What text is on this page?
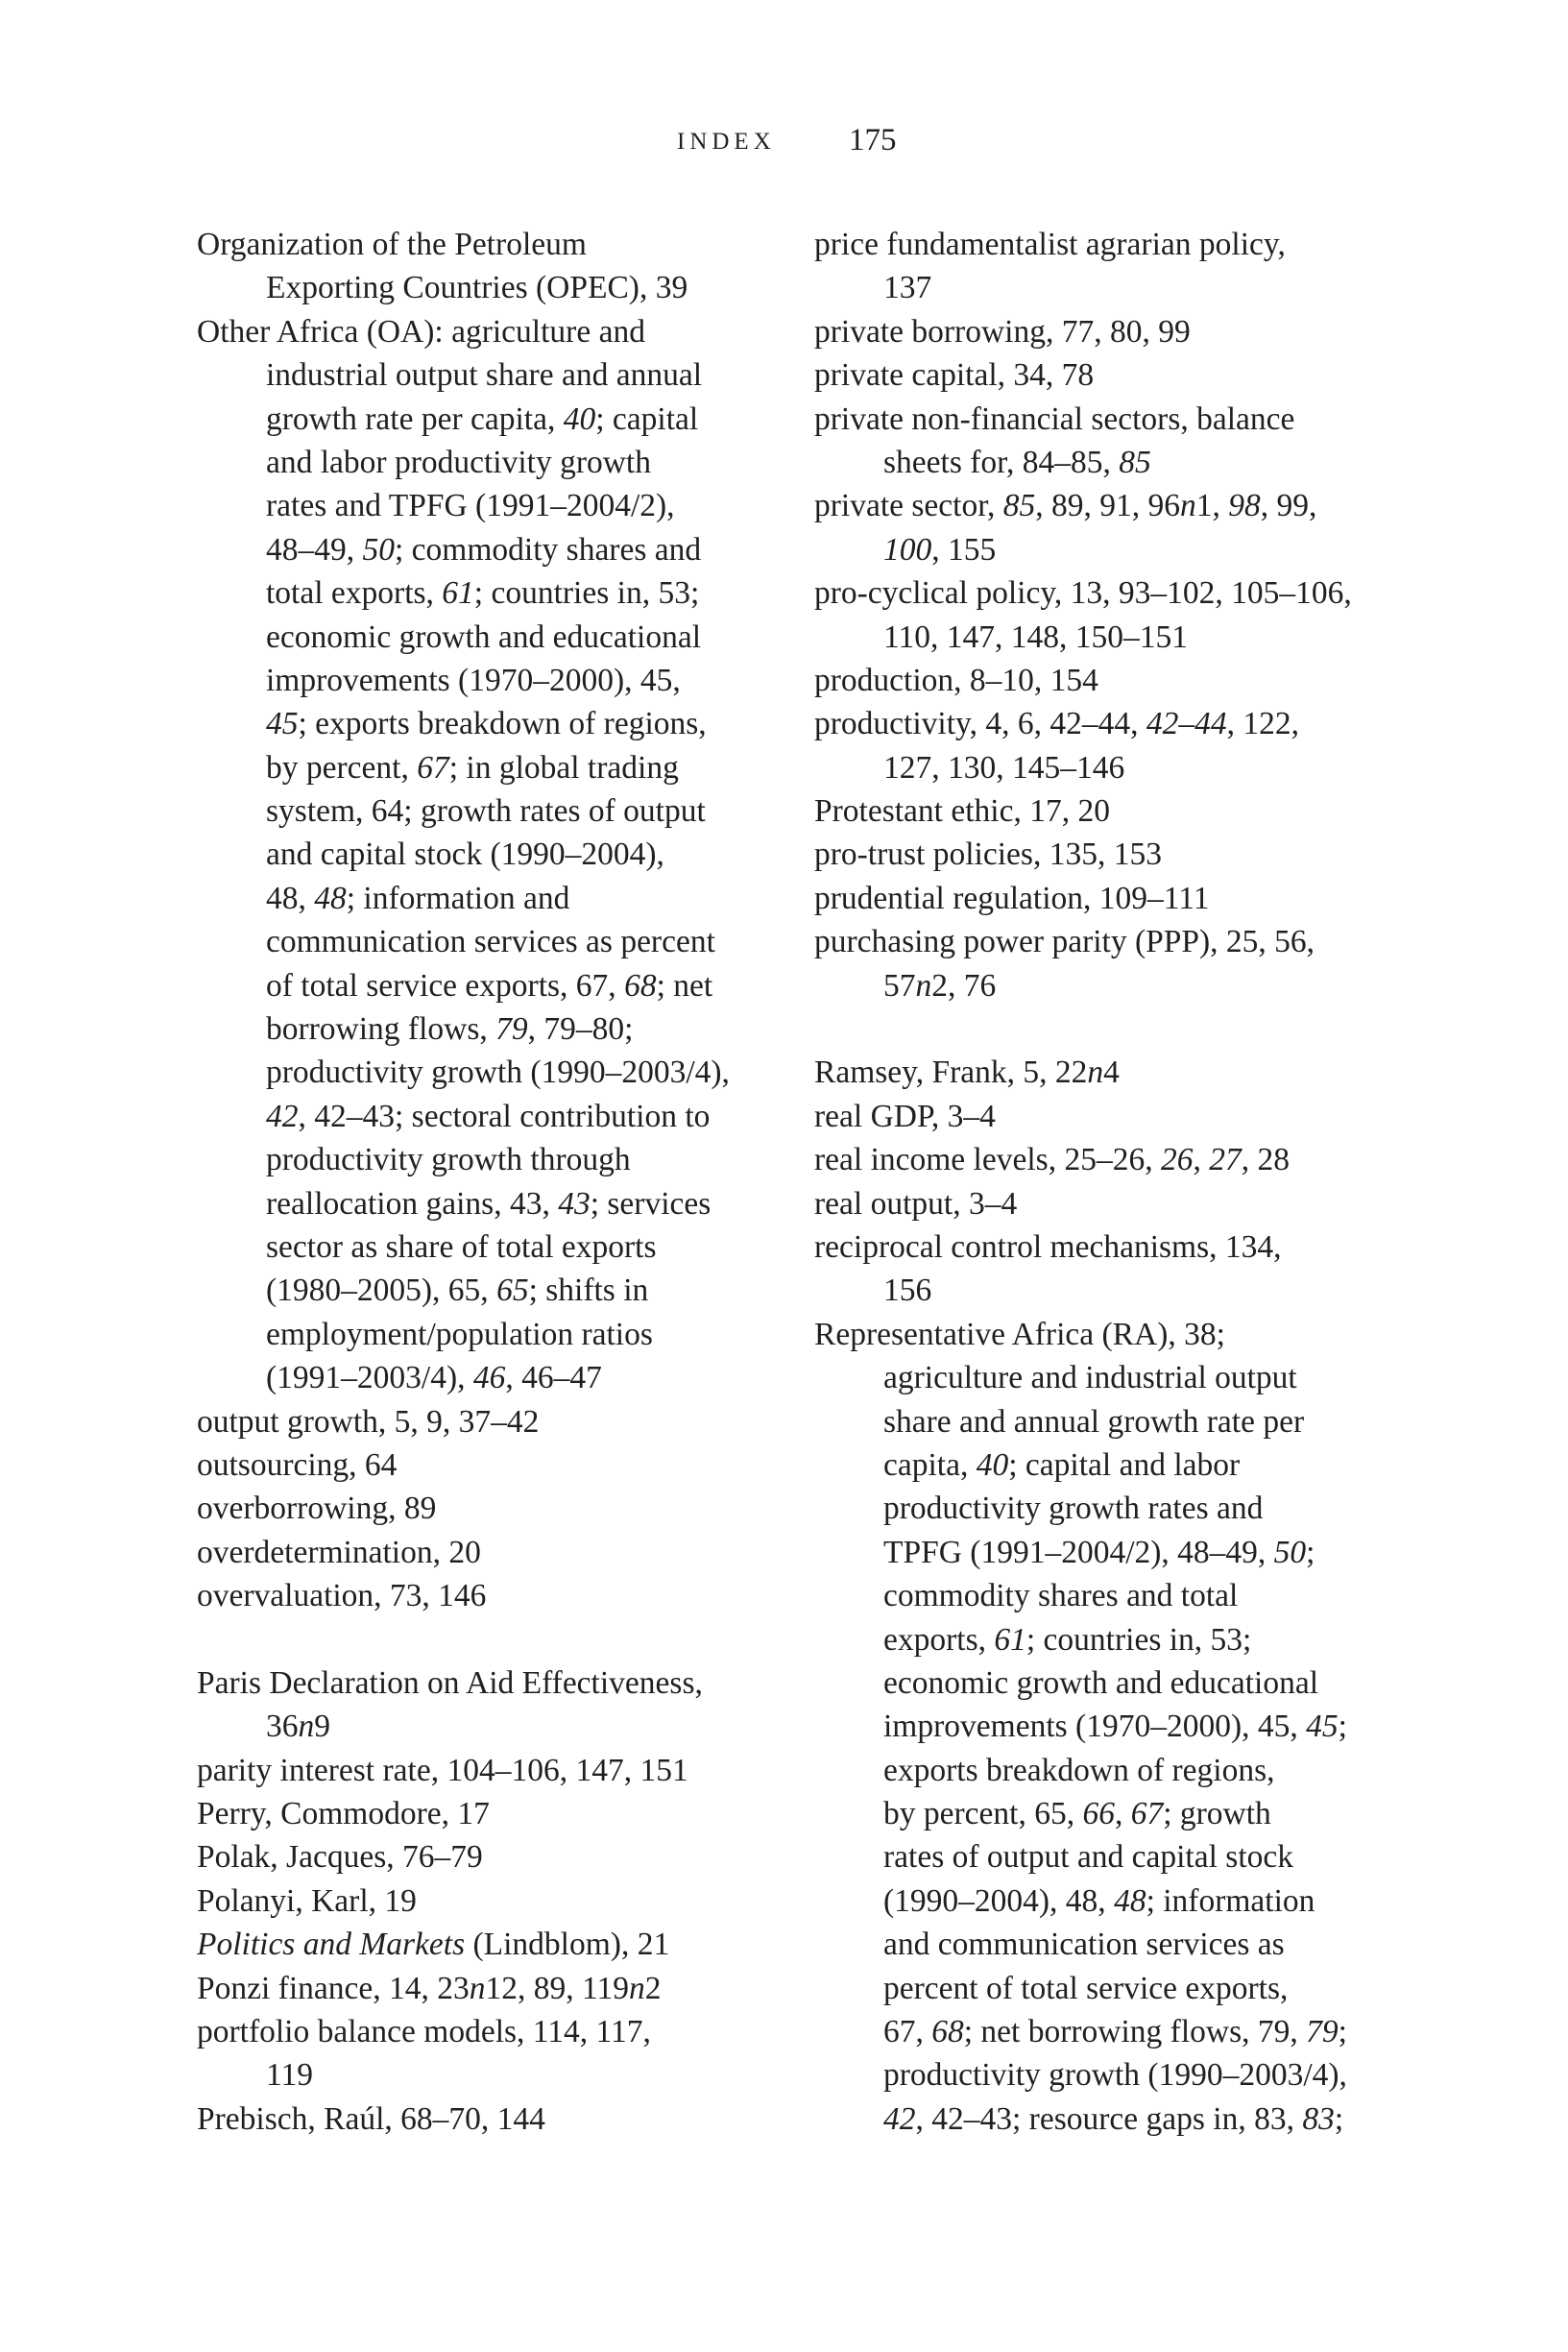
INDEX 175
Organization of the Petroleum
Exporting Countries (OPEC), 39
Other Africa (OA): agriculture and
industrial output share and annual
growth rate per capita, 40; capital
and labor productivity growth
rates and TPFG (1991–2004/2),
48–49, 50; commodity shares and
total exports, 61; countries in, 53;
economic growth and educational
improvements (1970–2000), 45,
45; exports breakdown of regions,
by percent, 67; in global trading
system, 64; growth rates of output
and capital stock (1990–2004),
48, 48; information and
communication services as percent
of total service exports, 67, 68; net
borrowing flows, 79, 79–80;
productivity growth (1990–2003/4),
42, 42–43; sectoral contribution to
productivity growth through
reallocation gains, 43, 43; services
sector as share of total exports
(1980–2005), 65, 65; shifts in
employment/population ratios
(1991–2003/4), 46, 46–47
output growth, 5, 9, 37–42
outsourcing, 64
overborrowing, 89
overdetermination, 20
overvaluation, 73, 146
Paris Declaration on Aid Effectiveness,
36n9
parity interest rate, 104–106, 147, 151
Perry, Commodore, 17
Polak, Jacques, 76–79
Polanyi, Karl, 19
Politics and Markets (Lindblom), 21
Ponzi finance, 14, 23n12, 89, 119n2
portfolio balance models, 114, 117,
119
Prebisch, Raúl, 68–70, 144
price fundamentalist agrarian policy,
137
private borrowing, 77, 80, 99
private capital, 34, 78
private non-financial sectors, balance
sheets for, 84–85, 85
private sector, 85, 89, 91, 96n1, 98, 99,
100, 155
pro-cyclical policy, 13, 93–102, 105–106,
110, 147, 148, 150–151
production, 8–10, 154
productivity, 4, 6, 42–44, 42–44, 122,
127, 130, 145–146
Protestant ethic, 17, 20
pro-trust policies, 135, 153
prudential regulation, 109–111
purchasing power parity (PPP), 25, 56,
57n2, 76
Ramsey, Frank, 5, 22n4
real GDP, 3–4
real income levels, 25–26, 26, 27, 28
real output, 3–4
reciprocal control mechanisms, 134,
156
Representative Africa (RA), 38;
agriculture and industrial output
share and annual growth rate per
capita, 40; capital and labor
productivity growth rates and
TPFG (1991–2004/2), 48–49, 50;
commodity shares and total
exports, 61; countries in, 53;
economic growth and educational
improvements (1970–2000), 45, 45;
exports breakdown of regions,
by percent, 65, 66, 67; growth
rates of output and capital stock
(1990–2004), 48, 48; information
and communication services as
percent of total service exports,
67, 68; net borrowing flows, 79, 79;
productivity growth (1990–2003/4),
42, 42–43; resource gaps in, 83, 83;
